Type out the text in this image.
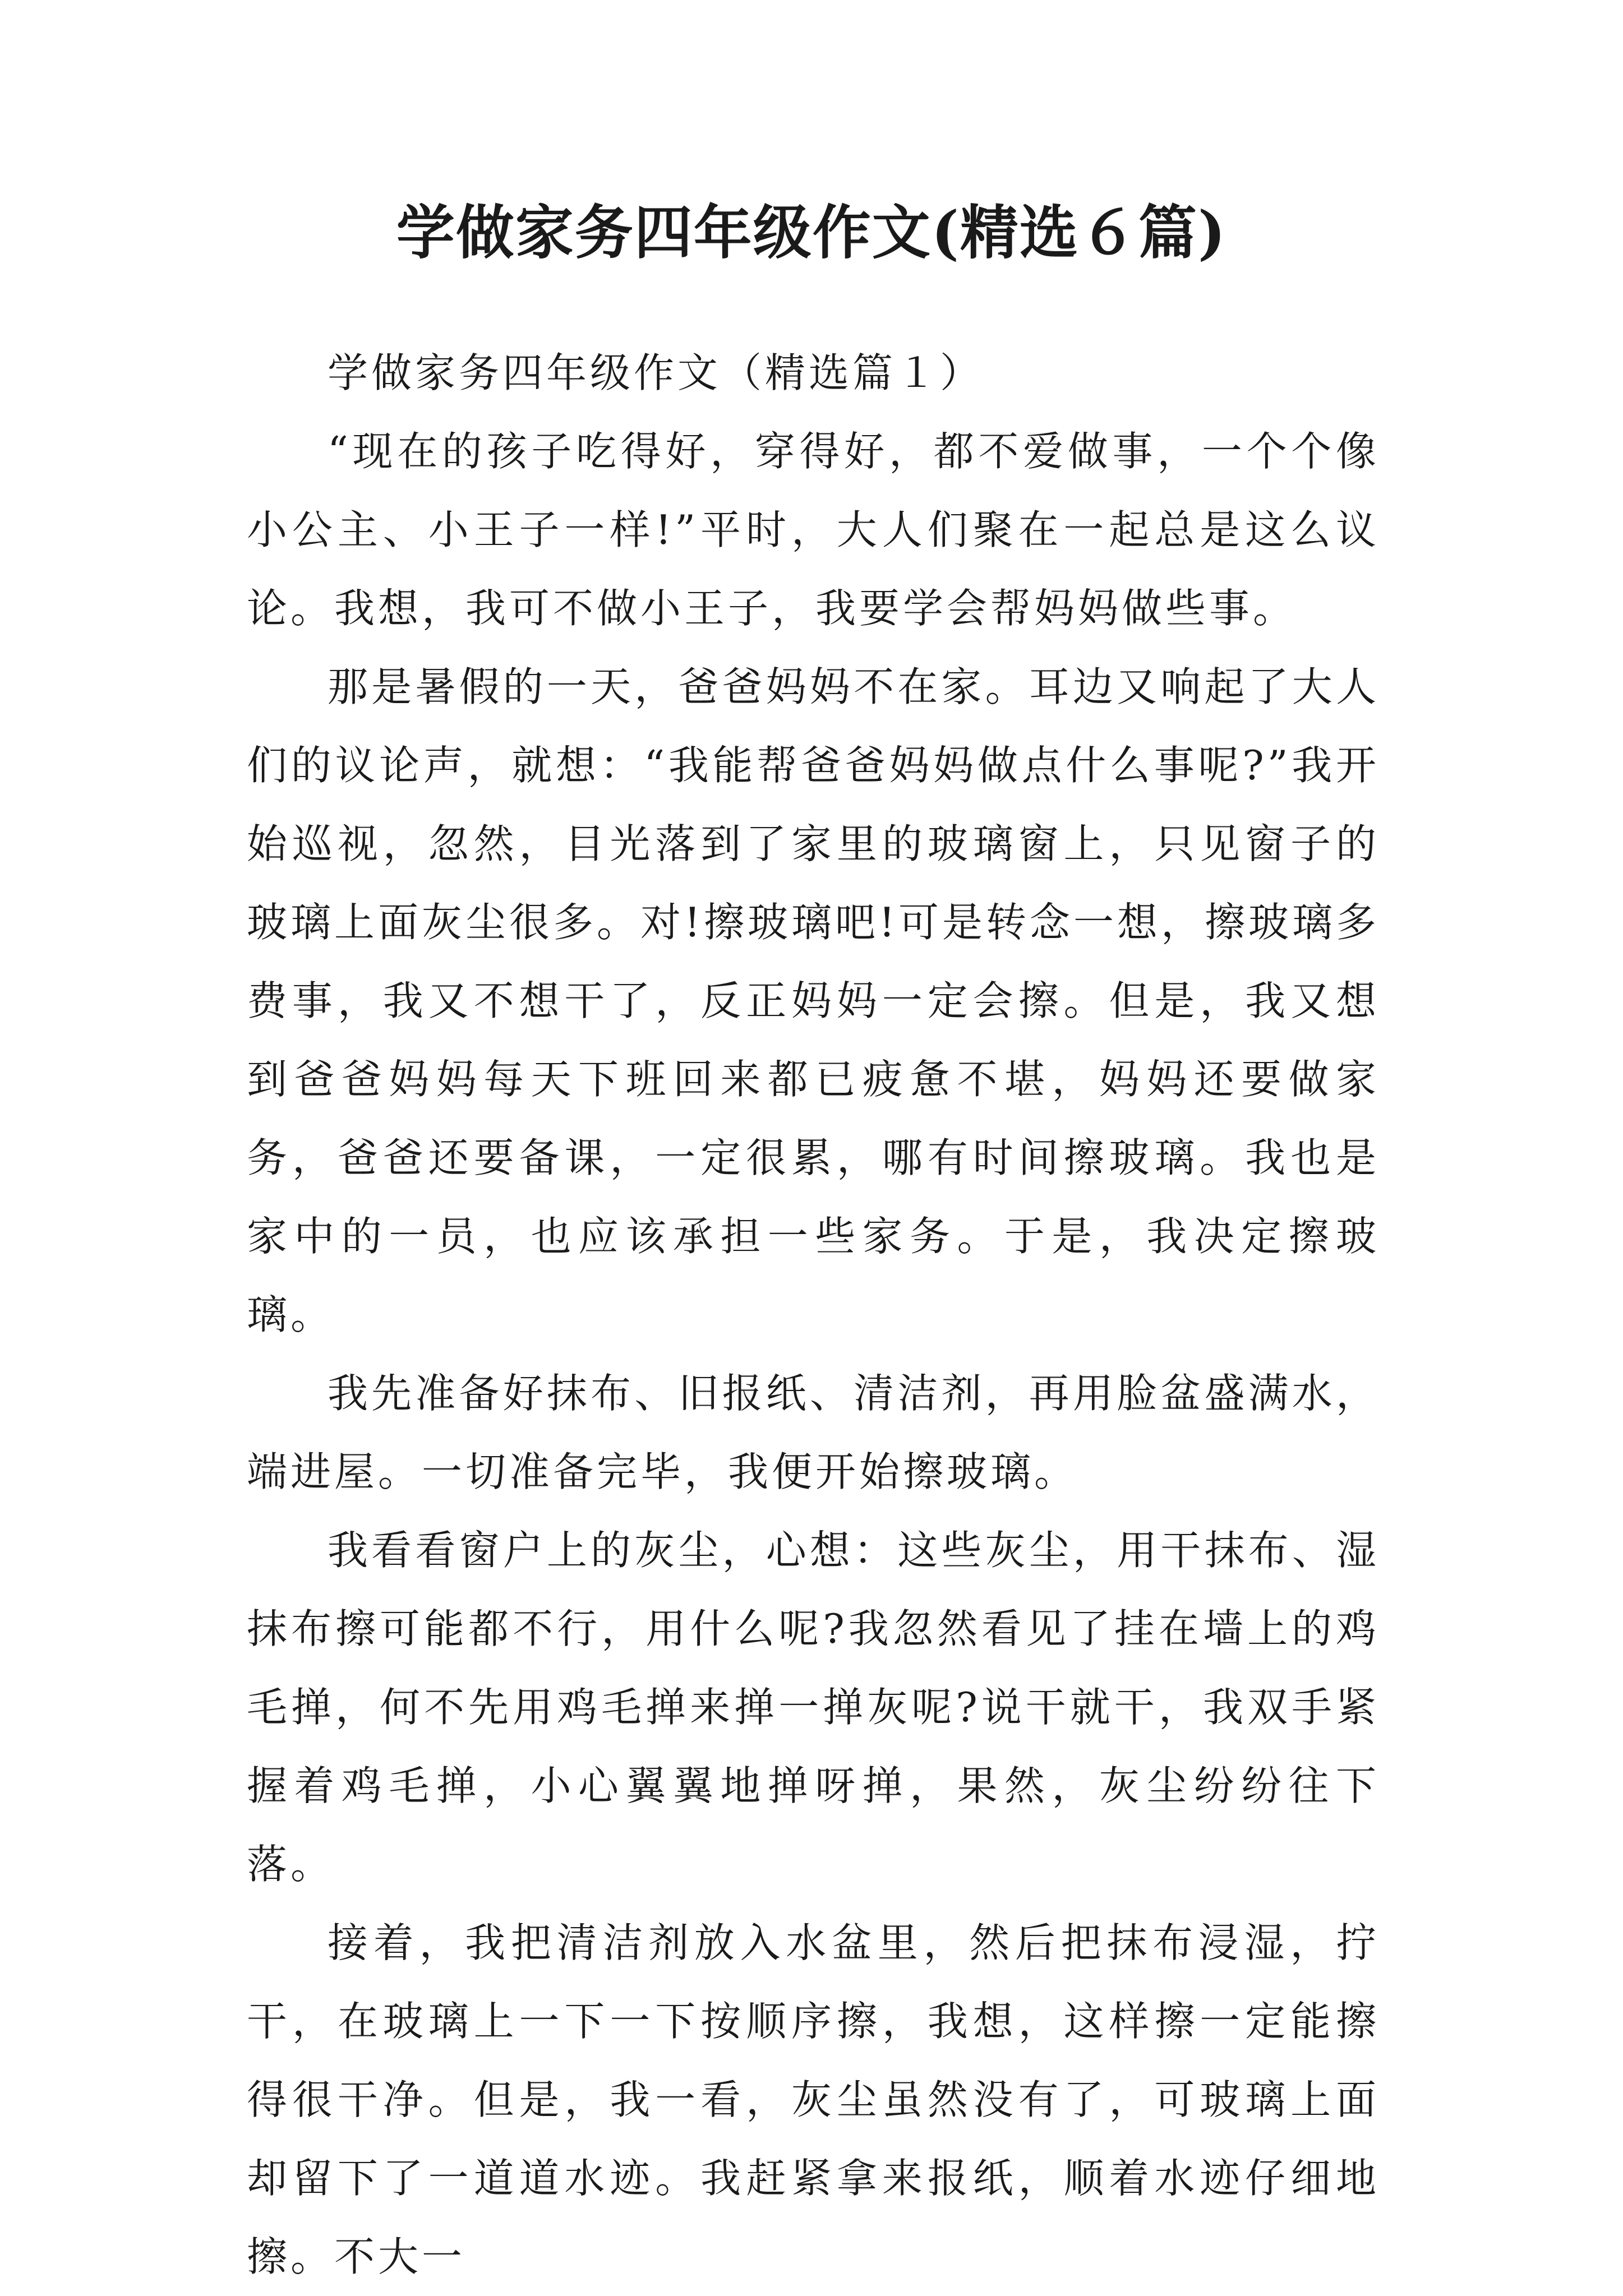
学做家务四年级作文(精选６篇)

学做家务四年级作文（精选篇１）

“现在的孩子吃得好，穿得好，都不爱做事，一个个像小公主、小王子一样!”平时，大人们聚在一起总是这么议论。我想，我可不做小王子，我要学会帮妈妈做些事。

那是暑假的一天，爸爸妈妈不在家。耳边又响起了大人们的议论声，就想：“我能帮爸爸妈妈做点什么事呢?”我开始巡视，忽然，目光落到了家里的玻璃窗上，只见窗子的玻璃上面灰尘很多。对!擦玻璃吧!可是转念一想，擦玻璃多费事，我又不想干了，反正妈妈一定会擦。但是，我又想到爸爸妈妈每天下班回来都已疲惫不堪，妈妈还要做家务，爸爸还要备课，一定很累，哪有时间擦玻璃。我也是家中的一员，也应该承担一些家务。于是，我决定擦玻璃。

我先准备好抹布、旧报纸、清洁剂，再用脸盆盛满水，端进屋。一切准备完毕，我便开始擦玻璃。

我看看窗户上的灰尘，心想：这些灰尘，用干抹布、湿抹布擦可能都不行，用什么呢?我忽然看见了挂在墙上的鸡毛掸，何不先用鸡毛掸来掸一掸灰呢?说干就干，我双手紧握着鸡毛掸，小心翼翼地掸呀掸，果然，灰尘纷纷往下落。

接着，我把清洁剂放入水盆里，然后把抹布浸湿，拧干，在玻璃上一下一下按顺序擦，我想，这样擦一定能擦得很干净。但是，我一看，灰尘虽然没有了，可玻璃上面却留下了一道道水迹。我赶紧拿来报纸，顺着水迹仔细地擦。不大一
